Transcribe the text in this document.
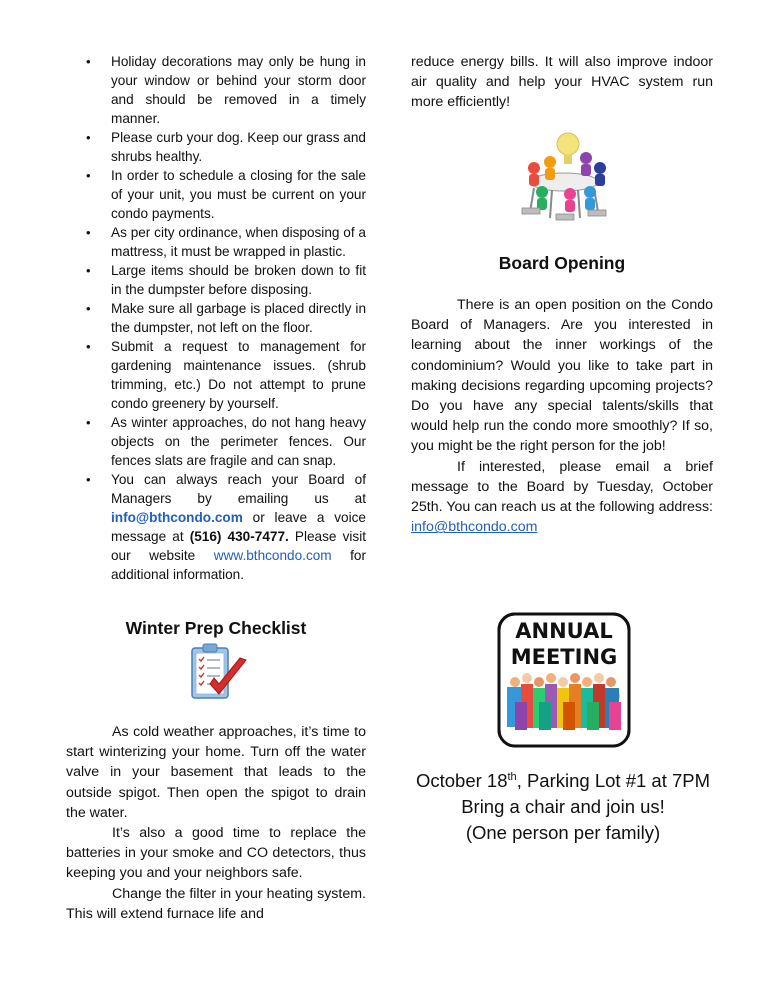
• Holiday decorations may only be hung in your window or behind your storm door and should be removed in a timely manner.
• Please curb your dog. Keep our grass and shrubs healthy.
• In order to schedule a closing for the sale of your unit, you must be current on your condo payments.
• As per city ordinance, when disposing of a mattress, it must be wrapped in plastic.
• Large items should be broken down to fit in the dumpster before disposing.
• Make sure all garbage is placed directly in the dumpster, not left on the floor.
• Submit a request to management for gardening maintenance issues. (shrub trimming, etc.) Do not attempt to prune condo greenery by yourself.
• As winter approaches, do not hang heavy objects on the perimeter fences. Our fences slats are fragile and can snap.
• You can always reach your Board of Managers by emailing us at info@bthcondo.com or leave a voice message at (516) 430-7477. Please visit our website www.bthcondo.com for additional information.
Winter Prep Checklist

As cold weather approaches, it’s time to start winterizing your home. Turn off the water valve in your basement that leads to the outside spigot. Then open the spigot to drain the water.

It’s also a good time to replace the batteries in your smoke and CO detectors, thus keeping you and your neighbors safe.

Change the filter in your heating system. This will extend furnace life and

reduce energy bills. It will also improve indoor air quality and help your HVAC system run more efficiently!

Board Opening

There is an open position on the Condo Board of Managers. Are you interested in learning about the inner workings of the condominium? Would you like to take part in making decisions regarding upcoming projects? Do you have any special talents/skills that would help run the condo more smoothly? If so, you might be the right person for the job!

If interested, please email a brief message to the Board by Tuesday, October 25th. You can reach us at the following address: info@bthcondo.com

ANNUAL
MEETING
October 18th, Parking Lot #1 at 7PM
Bring a chair and join us!
(One person per family)
